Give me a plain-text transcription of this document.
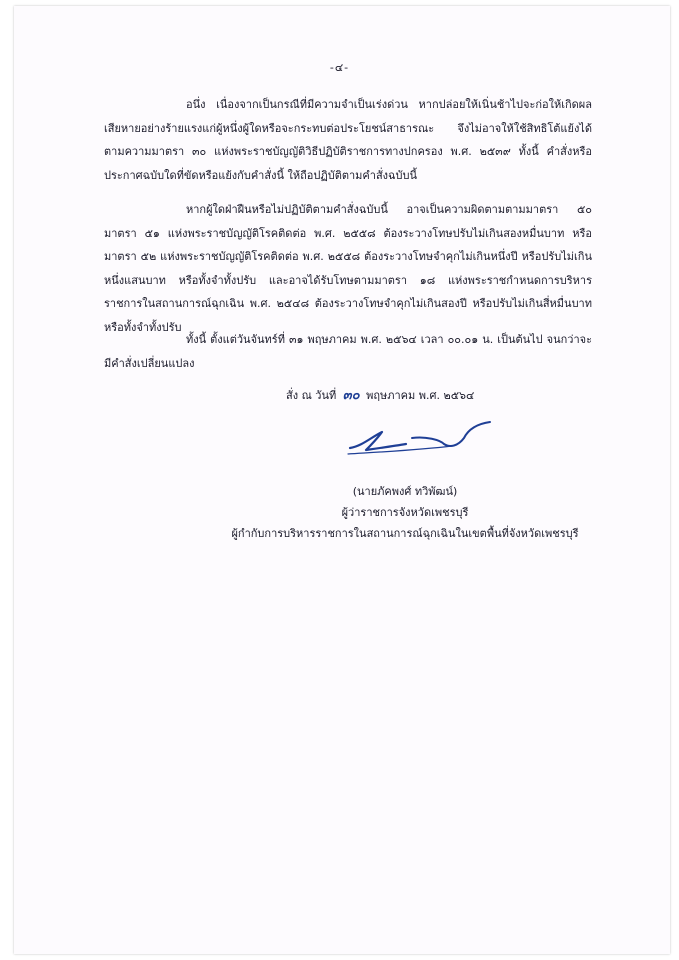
-๔-
อนึ่ง เนื่องจากเป็นกรณีที่มีความจำเป็นเร่งด่วน หากปล่อยให้เนิ่นช้าไปจะก่อให้เกิดผลเสียหายอย่างร้ายแรงแก่ผู้หนึ่งผู้ใดหรือจะกระทบต่อประโยชน์สาธารณะ จึงไม่อาจให้ใช้สิทธิโต้แย้งได้ตามความมาตรา ๓๐ แห่งพระราชบัญญัติวิธีปฏิบัติราชการทางปกครอง พ.ศ. ๒๕๓๙ ทั้งนี้ คำสั่งหรือประกาศฉบับใดที่ขัดหรือแย้งกับคำสั่งนี้ ให้ถือปฏิบัติตามคำสั่งฉบับนี้
หากผู้ใดฝ่าฝืนหรือไม่ปฏิบัติตามคำสั่งฉบับนี้ อาจเป็นความผิดตามตามมาตรา ๕๐ มาตรา ๕๑ แห่งพระราชบัญญัติโรคติดต่อ พ.ศ. ๒๕๕๘ ต้องระวางโทษปรับไม่เกินสองหมื่นบาท หรือมาตรา ๕๒ แห่งพระราชบัญญัติโรคติดต่อ พ.ศ. ๒๕๕๘ ต้องระวางโทษจำคุกไม่เกินหนึ่งปี หรือปรับไม่เกินหนึ่งแสนบาท หรือทั้งจำทั้งปรับ และอาจได้รับโทษตามมาตรา ๑๘ แห่งพระราชกำหนดการบริหารราชการในสถานการณ์ฉุกเฉิน พ.ศ. ๒๕๔๘ ต้องระวางโทษจำคุกไม่เกินสองปี หรือปรับไม่เกินสี่หมื่นบาท หรือทั้งจำทั้งปรับ
ทั้งนี้ ตั้งแต่วันจันทร์ที่ ๓๑ พฤษภาคม พ.ศ. ๒๕๖๔ เวลา ๐๐.๐๑ น. เป็นต้นไป จนกว่าจะมีคำสั่งเปลี่ยนแปลง
สั่ง ณ วันที่ ๓๐ พฤษภาคม พ.ศ. ๒๕๖๔
(นายภัคพงศ์ ทวิพัฒน์)
ผู้ว่าราชการจังหวัดเพชรบุรี
ผู้กำกับการบริหารราชการในสถานการณ์ฉุกเฉินในเขตพื้นที่จังหวัดเพชรบุรี
